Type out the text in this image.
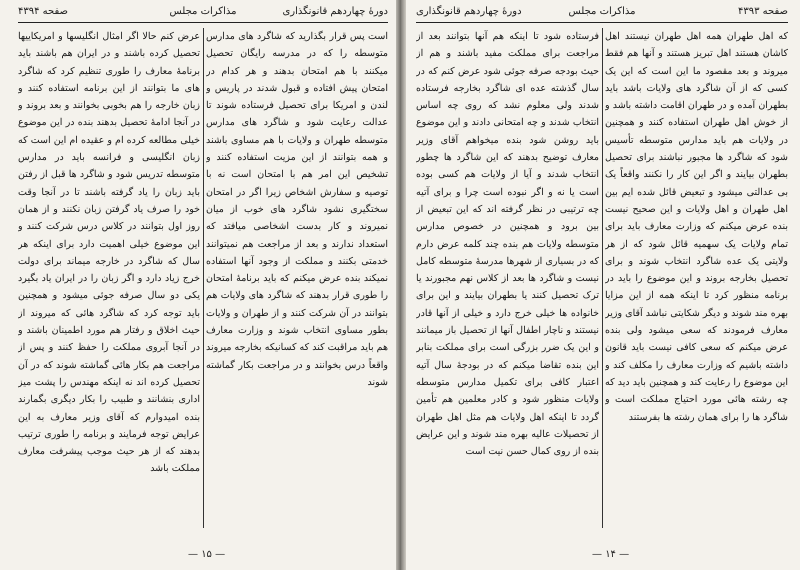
صفحه ۴۳۹۴	مذاکرات مجلس	دورهٔ چهاردهم قانونگذاری

است پس قرار بگذارید که شاگرد های مدارس متوسطه را که در مدرسه رایگان تحصیل میکنند با هم امتحان بدهند و هر کدام در امتحان پیش افتاده و قبول شدند در پاریس و لندن و امریکا برای تحصیل فرستاده شوند تا عدالت رعایت شود و شاگرد های مدارس متوسطه طهران و ولایات با هم مساوی باشند و همه بتوانند از این مزیت استفاده کنند و تشخیص این امر هم با امتحان است نه با توصیه و سفارش اشخاص زیرا اگر در امتحان سختگیری نشود شاگرد های خوب از میان نمیروند و کار بدست اشخاصی میافتد که استعداد ندارند و بعد از مراجعت هم نمیتوانند خدمتی بکنند و مملکت از وجود آنها استفاده نمیکند بنده عرض میکنم که باید برنامهٔ امتحان را طوری قرار بدهند که شاگرد های ولایات هم بتوانند در آن شرکت کنند و از طهران و ولایات بطور مساوی انتخاب شوند و وزارت معارف هم باید مراقبت کند که کسانیکه بخارجه میروند واقعاً درس بخوانند و در مراجعت بکار گماشته شوند

عرض کنم حالا اگر امثال انگلیسها و امریکاییها تحصیل کرده باشند و در ایران هم باشند باید برنامهٔ معارف را طوری تنظیم کرد که شاگرد های ما بتوانند از این برنامه استفاده کنند و زبان خارجه را هم بخوبی بخوانند و بعد بروند و در آنجا ادامهٔ تحصیل بدهند بنده در این موضوع خیلی مطالعه کرده ام و عقیده ام این است که زبان انگلیسی و فرانسه باید در مدارس متوسطه تدریس شود و شاگرد ها قبل از رفتن باید زبان را یاد گرفته باشند تا در آنجا وقت خود را صرف یاد گرفتن زبان نکنند و از همان روز اول بتوانند در کلاس درس شرکت کنند و این موضوع خیلی اهمیت دارد برای اینکه هر سال که شاگرد در خارجه میماند برای دولت خرج زیاد دارد و اگر زبان را در ایران یاد بگیرد یکی دو سال صرفه جوئی میشود و همچنین باید توجه کرد که شاگرد هائی که میروند از حیث اخلاق و رفتار هم مورد اطمینان باشند و در آنجا آبروی مملکت را حفظ کنند و پس از مراجعت هم بکار هائی گماشته شوند که در آن تحصیل کرده اند نه اینکه مهندس را پشت میز اداری بنشانند و طبیب را بکار دیگری بگمارند بنده امیدوارم که آقای وزیر معارف به این عرایض توجه فرمایند و برنامه را طوری ترتیب بدهند که از هر حیث موجب پیشرفت معارف مملکت باشد

— ۱۵ —
دورهٔ چهاردهم قانونگذاری	مذاکرات مجلس	صفحه ۴۳۹۳

که اهل طهران همه اهل طهران نیستند اهل کاشان هستند اهل تبریز هستند و آنها هم فقط میروند و بعد مقصود ما این است که این یک کسی که از آن شاگرد های ولایات باشد باید بطهران آمده و در طهران اقامت داشته باشد و از خوش اهل طهران استفاده کنند و همچنین در ولایات هم باید مدارس متوسطه تأسیس شود که شاگرد ها مجبور نباشند برای تحصیل بطهران بیایند و اگر این کار را نکنند واقعاً یک بی عدالتی میشود و تبعیض قائل شده ایم بین اهل طهران و اهل ولایات و این صحیح نیست بنده عرض میکنم که وزارت معارف باید برای تمام ولایات یک سهمیه قائل شود که از هر ولایتی یک عده شاگرد انتخاب شوند و برای تحصیل بخارجه بروند و این موضوع را باید در برنامه منظور کرد تا اینکه همه از این مزایا بهره مند شوند و دیگر شکایتی نباشد آقای وزیر معارف فرمودند که سعی میشود ولی بنده عرض میکنم که سعی کافی نیست باید قانون داشته باشیم که وزارت معارف را مکلف کند و این موضوع را رعایت کند و همچنین باید دید که چه رشته هائی مورد احتیاج مملکت است و شاگرد ها را برای همان رشته ها بفرستند

فرستاده شود تا اینکه هم آنها بتوانند بعد از مراجعت برای مملکت مفید باشند و هم از حیث بودجه صرفه جوئی شود عرض کنم که در سال گذشته عده ای شاگرد بخارجه فرستاده شدند ولی معلوم نشد که روی چه اساس انتخاب شدند و چه امتحانی دادند و این موضوع باید روشن شود بنده میخواهم آقای وزیر معارف توضیح بدهند که این شاگرد ها چطور انتخاب شدند و آیا از ولایات هم کسی بوده است یا نه و اگر نبوده است چرا و برای آتیه چه ترتیبی در نظر گرفته اند که این تبعیض از بین برود و همچنین در خصوص مدارس متوسطه ولایات هم بنده چند کلمه عرض دارم که در بسیاری از شهرها مدرسهٔ متوسطه کامل نیست و شاگرد ها بعد از کلاس نهم مجبورند یا ترک تحصیل کنند یا بطهران بیایند و این برای خانواده ها خیلی خرج دارد و خیلی از آنها قادر نیستند و ناچار اطفال آنها از تحصیل باز میمانند و این یک ضرر بزرگی است برای مملکت بنابر این بنده تقاضا میکنم که در بودجهٔ سال آتیه اعتبار کافی برای تکمیل مدارس متوسطه ولایات منظور شود و کادر معلمین هم تأمین گردد تا اینکه اهل ولایات هم مثل اهل طهران از تحصیلات عالیه بهره مند شوند و این عرایض بنده از روی کمال حسن نیت است

— ۱۴ —
